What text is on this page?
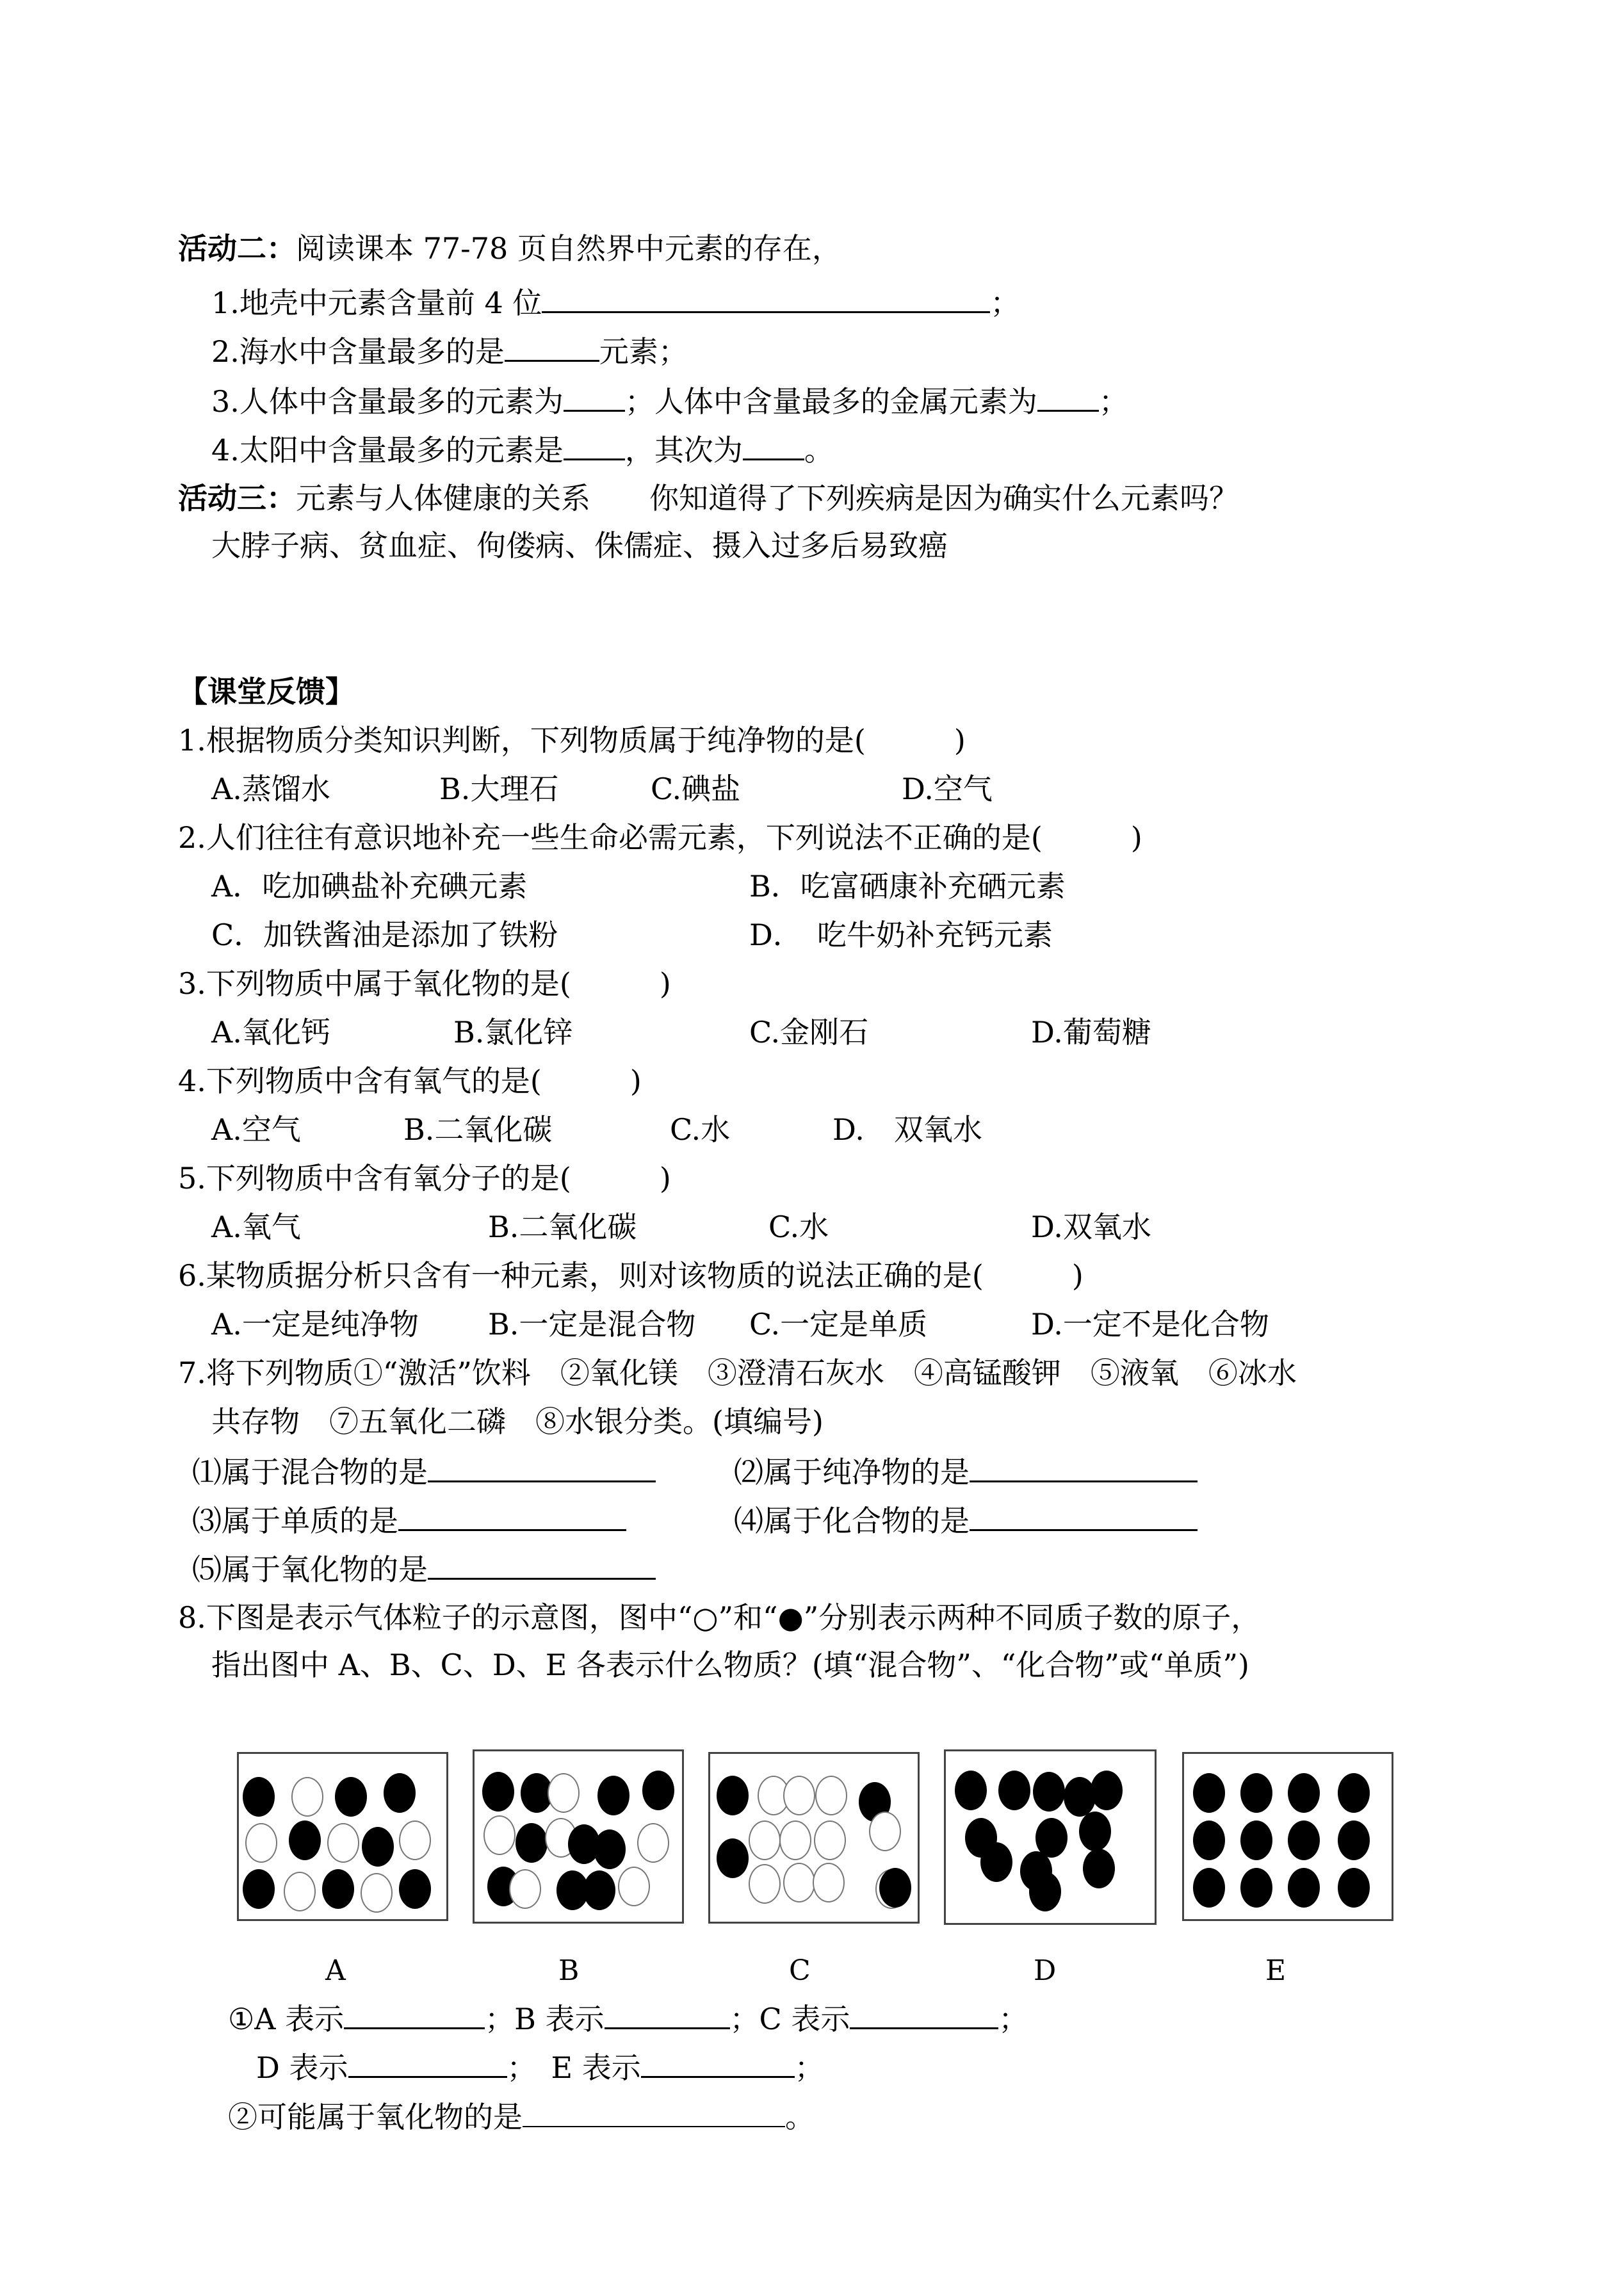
活动二：阅读课本 77-78 页自然界中元素的存在，
1.地壳中元素含量前 4 位	；
2.海水中含量最多的是	元素；
3.人体中含量最多的元素为 ；人体中含量最多的金属元素为 ；
4.太阳中含量最多的元素是 ，其次为 。
活动三：元素与人体健康的关系　　你知道得了下列疾病是因为确实什么元素吗？
大脖子病、贫血症、佝偻病、侏儒症、摄入过多后易致癌
【课堂反馈】
1.根据物质分类知识判断，下列物质属于纯净物的是(　　　)
A.蒸馏水	B.大理石	C.碘盐	D.空气
2.人们往往有意识地补充一些生命必需元素，下列说法不正确的是(　　　)
A．吃加碘盐补充碘元素	B．吃富硒康补充硒元素
C．加铁酱油是添加了铁粉	D．　吃牛奶补充钙元素
3.下列物质中属于氧化物的是(　　　)
A.氧化钙	B.氯化锌	C.金刚石	D.葡萄糖
4.下列物质中含有氧气的是(　　　)
A.空气	B.二氧化碳	C.水	D.　双氧水
5.下列物质中含有氧分子的是(　　　)
A.氧气	B.二氧化碳	C.水	D.双氧水
6.某物质据分析只含有一种元素，则对该物质的说法正确的是(　　　)
A.一定是纯净物 B.一定是混合物 C.一定是单质	D.一定不是化合物
7.将下列物质①“激活”饮料　②氧化镁　③澄清石灰水　④高锰酸钾　⑤液氧　⑥冰水
共存物　⑦五氧化二磷　⑧水银分类。(填编号)
⑴属于混合物的是	⑵属于纯净物的是
⑶属于单质的是	⑷属于化合物的是
⑸属于氧化物的是
8.下图是表示气体粒子的示意图，图中“○”和“●”分别表示两种不同质子数的原子，
指出图中 A、B、C、D、E 各表示什么物质？(填“混合物”、“化合物”或“单质”)
A	B	C	D	E
①A 表示	；B 表示	；C 表示	；
D 表示	；　E 表示	；
②可能属于氧化物的是	。
